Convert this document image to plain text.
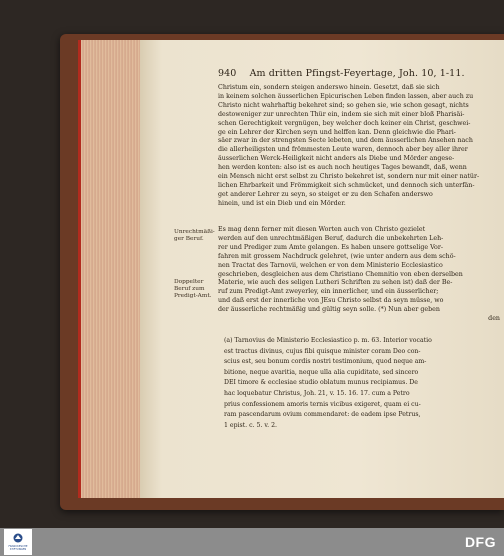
940 Am dritten Pfingst-Feyertage, Joh. 10, 1-11.
Christum ein, sondern steigen anderswo hinein. Gesetzt, daß sie sich
in keinem solchen äusserlichen Epicurischen Leben finden lassen, aber auch zu
Christo nicht wahrhaftig bekehret sind; so gehen sie, wie schon gesagt, nichts
destoweniger zur unrechten Thür ein, indem sie sich mit einer bloß Pharisäi-
schen Gerechtigkeit vergnügen, bey welcher doch keiner ein Christ, geschwei-
ge ein Lehrer der Kirchen seyn und helffen kan. Denn gleichwie die Phari-
säer zwar in der strengsten Secte lebeten, und dem äusserlichen Ansehen nach
die allerheiligsten und frömmesten Leute waren, dennoch aber bey aller ihrer
äusserlichen Werck-Heiligkeit nicht anders als Diebe und Mörder angese-
hen werden konten: also ist es auch noch heutiges Tages bewandt, daß, wenn
ein Mensch nicht erst selbst zu Christo bekehret ist, sondern nur mit einer natür-
lichen Ehrbarkeit und Frömmigkeit sich schmücket, und dennoch sich unterfän-
get anderer Lehrer zu seyn, so steiget er zu den Schafen anderswo
hinein, und ist ein Dieb und ein Mörder.
Unrechtmäßi-
ger Beruf.
Doppelter
Beruf zum
Predigt-Amt.
Es mag denn ferner mit diesen Worten auch von Christo gezielet
werden auf den unrechtmäßigen Beruf, dadurch die unbekehrten Leh-
rer und Prediger zum Amte gelangen. Es haben unsere gottselige Vor-
fahren mit grossem Nachdruck gelehret, (wie unter andern aus dem schö-
nen Tractat des Tarnovii, welchen er von dem Ministerio Ecclesiastico
geschrieben, desgleichen aus dem Christiano Chemnitio von eben derselben
Materie, wie auch des seligen Lutheri Schriften zu sehen ist) daß der Be-
ruf zum Predigt-Amt zweyerley, ein innerlicher, und ein äusserlicher;
und daß erst der innerliche von JEsu Christo selbst da seyn müsse, wo
der äusserliche rechtmäßig und gültig seyn solle. (*) Nun aber geben
den
(a) Tarnovius de Ministerio Ecclesiastico p. m. 63. Interior vocatio
est tractus divinus, cujus fibi quisque minister coram Deo con-
scius est, seu bonum cordis nostri testimonium, quod neque am-
bitione, neque avaritia, neque ulla alia cupiditate, sed sincero
DEI timore & ecclesiae studio oblatum munus recipiamus. De
hac loquebatur Christus, Joh. 21, v. 15. 16. 17. cum a Petro
prius confessionem amoris ternis vicibus exigeret, quam ei cu-
ram pascendarum ovium commendaret: de eadem ipse Petrus,
1 epist. c. 5. v. 2.
FRANCKESCHE
STIFTUNGEN	DFG
